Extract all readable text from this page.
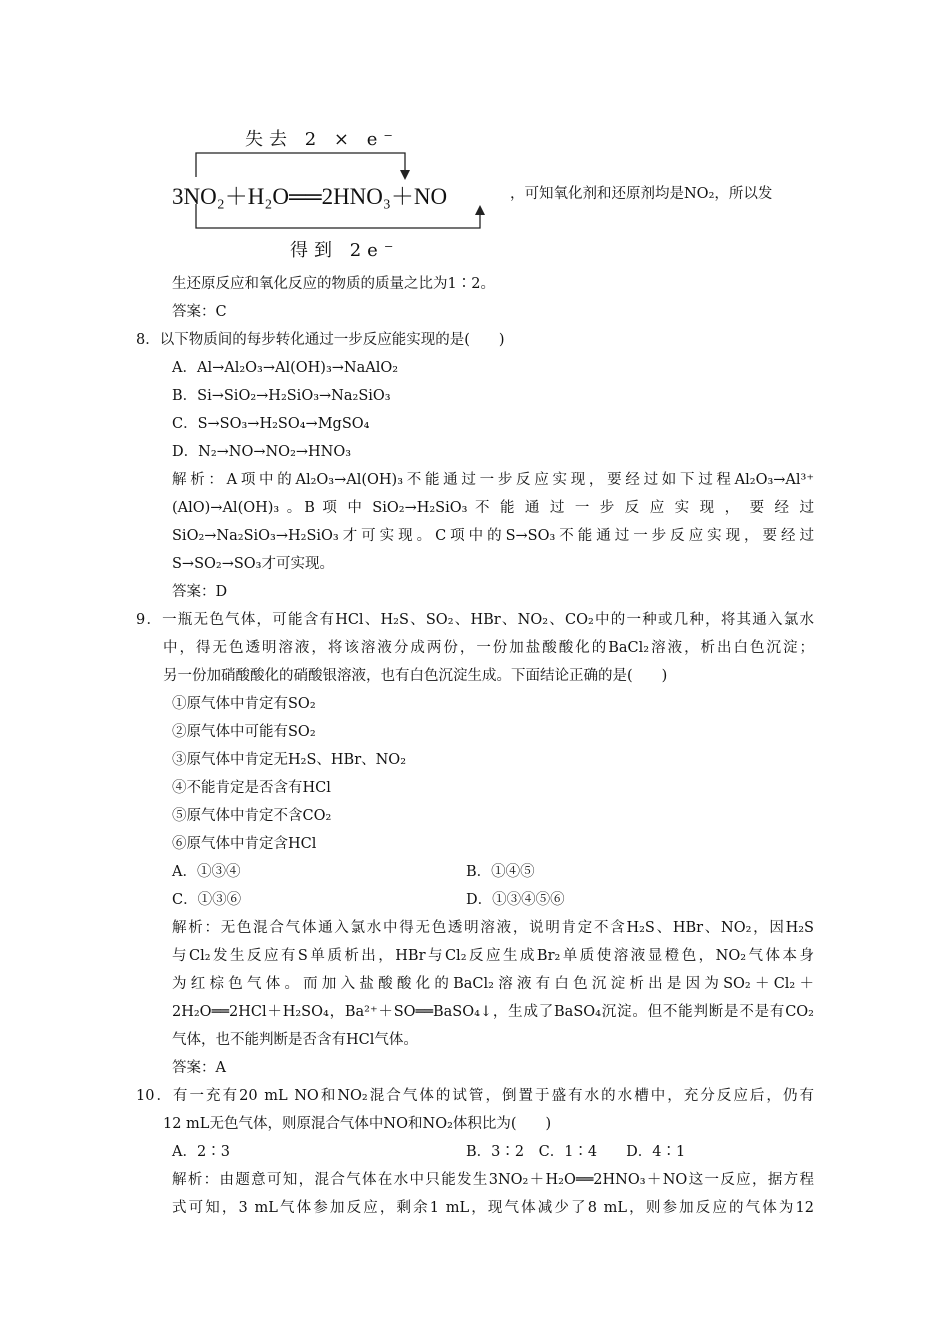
失去 2 × e⁻
3NO₂＋H₂O══2HNO₃＋NO	，可知氧化剂和还原剂均是NO₂，所以发
得到 2e⁻
生还原反应和氧化反应的物质的质量之比为1∶2。
答案：C
8．以下物质间的每步转化通过一步反应能实现的是(　　)
A．Al→Al₂O₃→Al(OH)₃→NaAlO₂
B．Si→SiO₂→H₂SiO₃→Na₂SiO₃
C．S→SO₃→H₂SO₄→MgSO₄
D．N₂→NO→NO₂→HNO₃
解析：A项中的Al₂O₃→Al(OH)₃不能通过一步反应实现，要经过如下过程Al₂O₃→Al³⁺
(AlO)→Al(OH)₃ 。B 项 中 SiO₂→H₂SiO₃ 不 能 通 过 一 步 反 应 实 现 ， 要 经 过
SiO₂→Na₂SiO₃→H₂SiO₃才可实现。C项中的S→SO₃不能通过一步反应实现，要经过
S→SO₂→SO₃才可实现。
答案：D
9．一瓶无色气体，可能含有HCl、H₂S、SO₂、HBr、NO₂、CO₂中的一种或几种，将其通入氯水
中，得无色透明溶液，将该溶液分成两份，一份加盐酸酸化的BaCl₂溶液，析出白色沉淀；
另一份加硝酸酸化的硝酸银溶液，也有白色沉淀生成。下面结论正确的是(　　)
①原气体中肯定有SO₂
②原气体中可能有SO₂
③原气体中肯定无H₂S、HBr、NO₂
④不能肯定是否含有HCl
⑤原气体中肯定不含CO₂
⑥原气体中肯定含HCl
A．①③④	B．①④⑤
C．①③⑥	D．①③④⑤⑥
解析：无色混合气体通入氯水中得无色透明溶液，说明肯定不含H₂S、HBr、NO₂，因H₂S
与Cl₂发生反应有S单质析出，HBr与Cl₂反应生成Br₂单质使溶液显橙色，NO₂气体本身
为红棕色气体。而加入盐酸酸化的BaCl₂溶液有白色沉淀析出是因为SO₂＋Cl₂＋
2H₂O══2HCl＋H₂SO₄，Ba²⁺＋SO══BaSO₄↓，生成了BaSO₄沉淀。但不能判断是不是有CO₂
气体，也不能判断是否含有HCl气体。
答案：A
10．有一充有20 mL NO和NO₂混合气体的试管，倒置于盛有水的水槽中，充分反应后，仍有
12 mL无色气体，则原混合气体中NO和NO₂体积比为(　　)
A．2∶3	B．3∶2　C．1∶4　　D．4∶1
解析：由题意可知，混合气体在水中只能发生3NO₂＋H₂O══2HNO₃＋NO这一反应，据方程
式可知，3 mL气体参加反应，剩余1 mL，现气体减少了8 mL，则参加反应的气体为12
